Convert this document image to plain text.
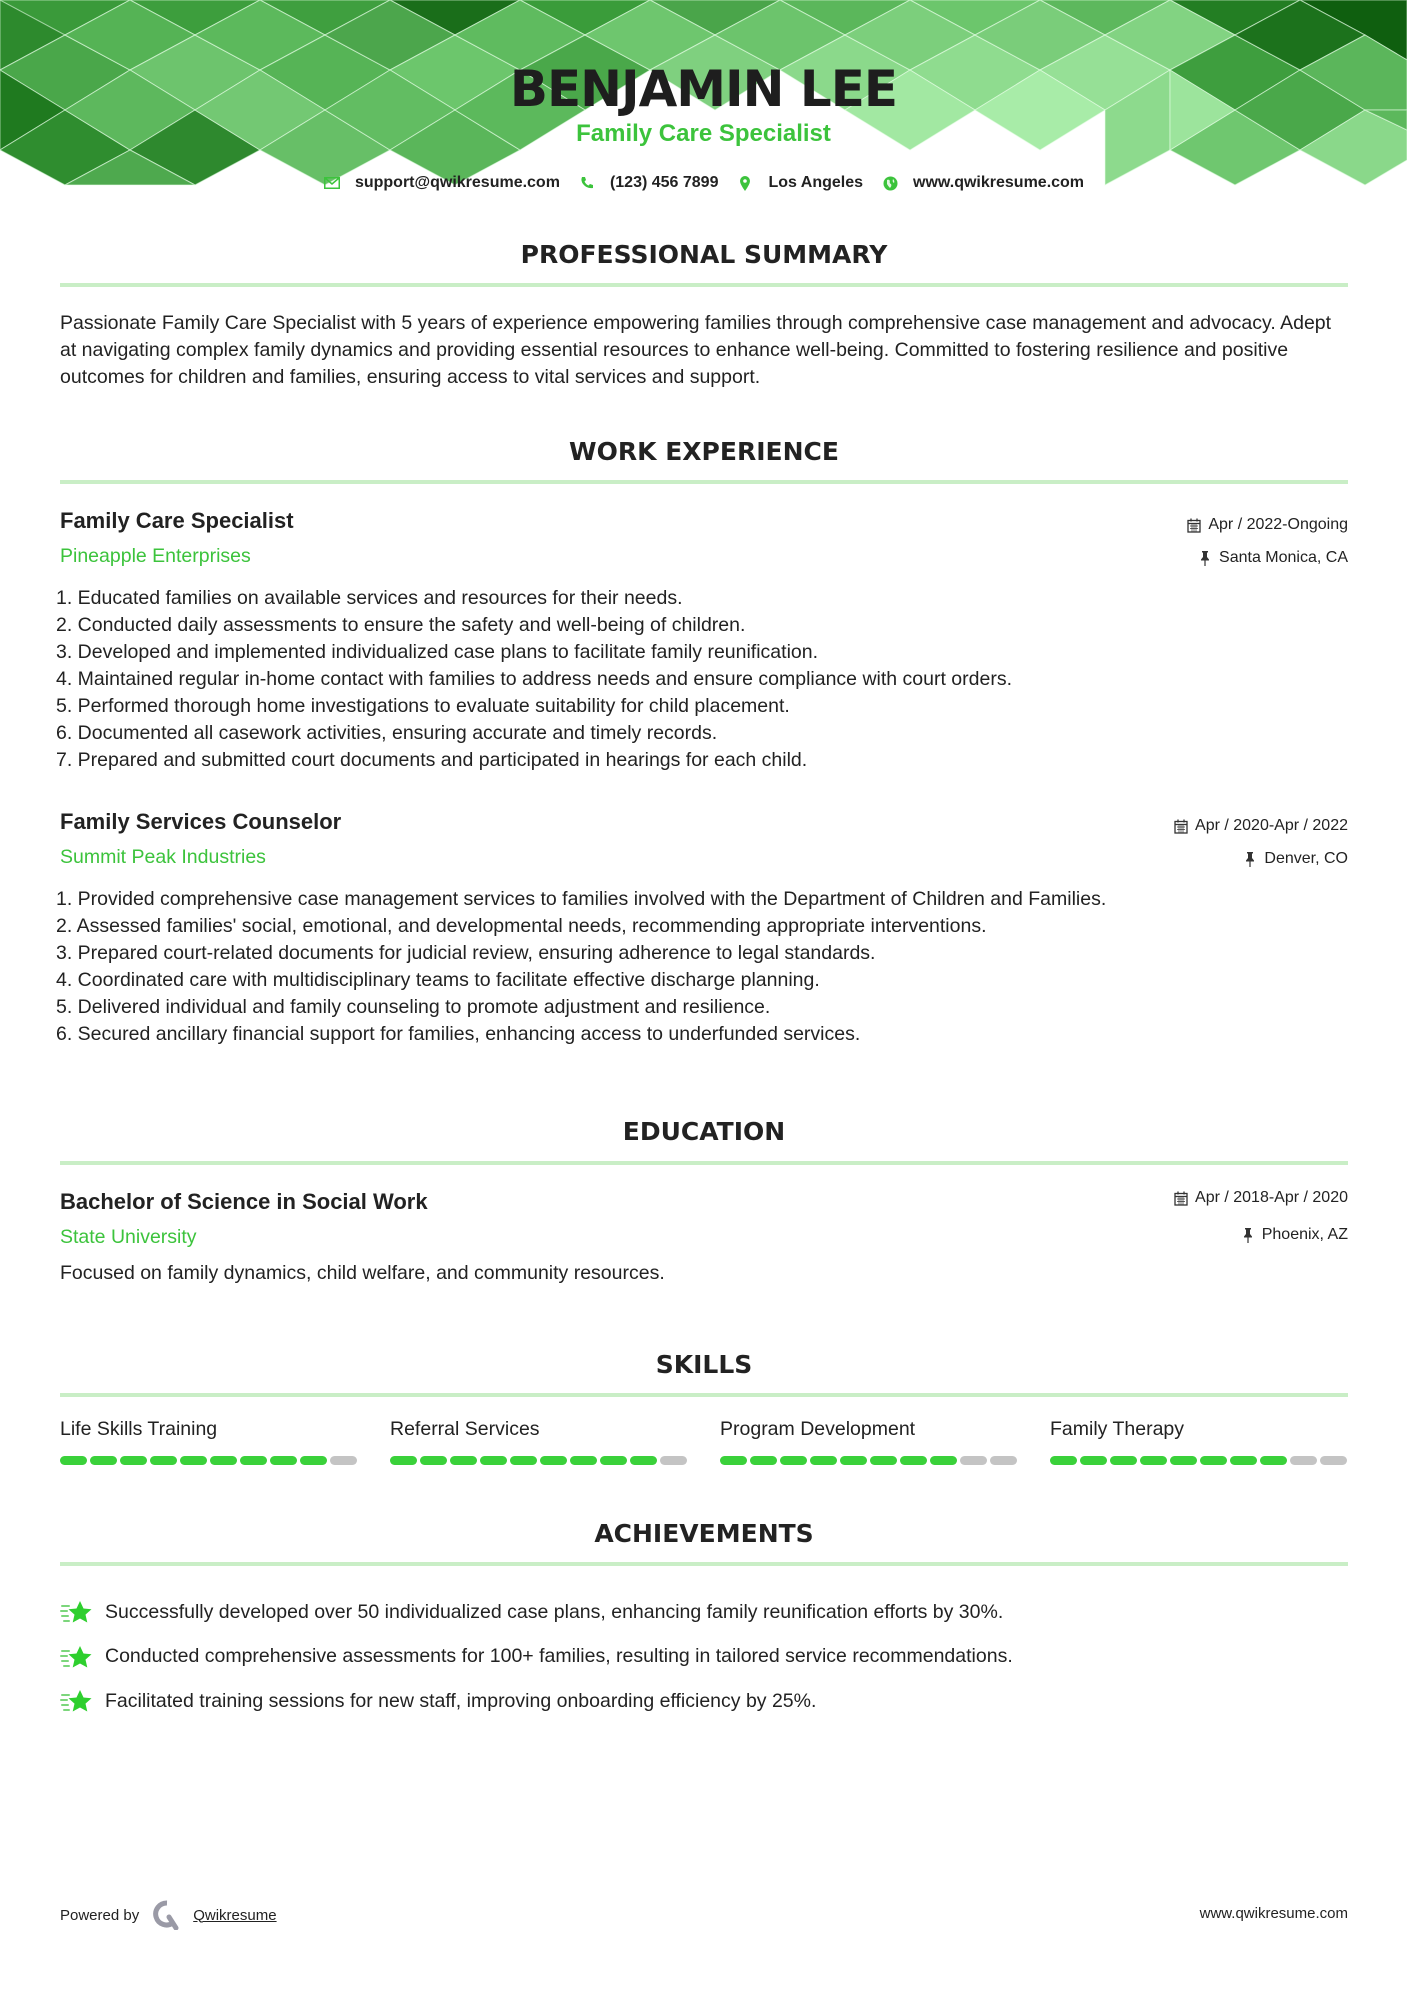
BENJAMIN LEE
Family Care Specialist
support@qwikresume.com	(123) 456 7899	Los Angeles	www.qwikresume.com
PROFESSIONAL SUMMARY

Passionate Family Care Specialist with 5 years of experience empowering families through comprehensive case management and advocacy. Adept at navigating complex family dynamics and providing essential resources to enhance well-being. Committed to fostering resilience and positive outcomes for children and families, ensuring access to vital services and support.

WORK EXPERIENCE
Family Care Specialist	Apr / 2022-Ongoing
Pineapple Enterprises	Santa Monica, CA
1. Educated families on available services and resources for their needs.
2. Conducted daily assessments to ensure the safety and well-being of children.
3. Developed and implemented individualized case plans to facilitate family reunification.
4. Maintained regular in-home contact with families to address needs and ensure compliance with court orders.
5. Performed thorough home investigations to evaluate suitability for child placement.
6. Documented all casework activities, ensuring accurate and timely records.
7. Prepared and submitted court documents and participated in hearings for each child.
Family Services Counselor	Apr / 2020-Apr / 2022
Summit Peak Industries	Denver, CO
1. Provided comprehensive case management services to families involved with the Department of Children and Families.
2. Assessed families' social, emotional, and developmental needs, recommending appropriate interventions.
3. Prepared court-related documents for judicial review, ensuring adherence to legal standards.
4. Coordinated care with multidisciplinary teams to facilitate effective discharge planning.
5. Delivered individual and family counseling to promote adjustment and resilience.
6. Secured ancillary financial support for families, enhancing access to underfunded services.
EDUCATION
Bachelor of Science in Social Work	Apr / 2018-Apr / 2020
State University	Phoenix, AZ
Focused on family dynamics, child welfare, and community resources.
SKILLS
Life Skills Training	Referral Services	Program Development	Family Therapy
ACHIEVEMENTS
Successfully developed over 50 individualized case plans, enhancing family reunification efforts by 30%.
Conducted comprehensive assessments for 100+ families, resulting in tailored service recommendations.
Facilitated training sessions for new staff, improving onboarding efficiency by 25%.
Powered by	Qwikresume	www.qwikresume.com
